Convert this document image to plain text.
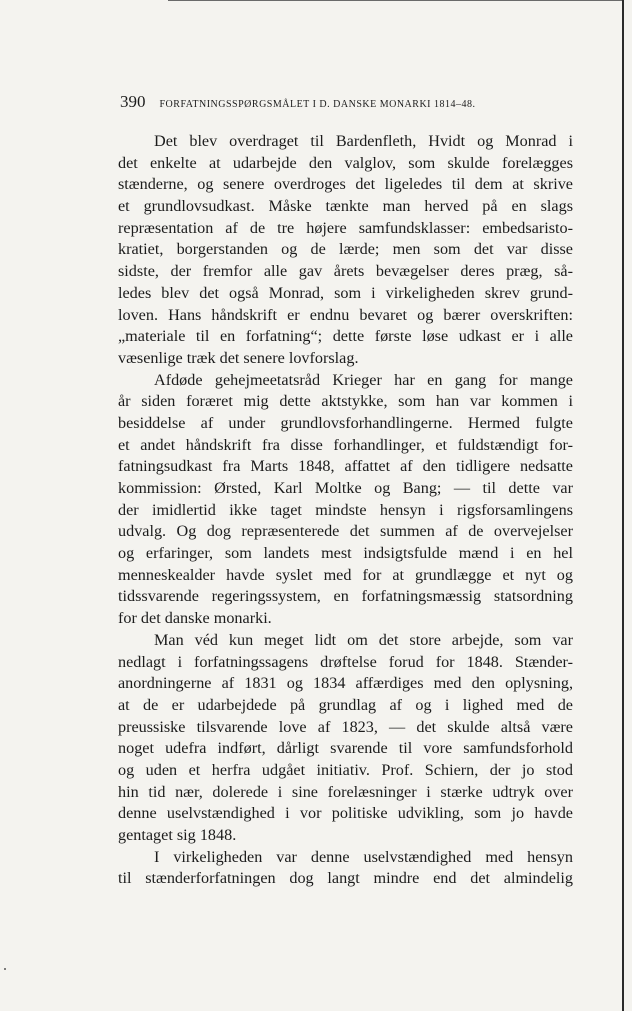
390 FORFATNINGSSPØRGSMÅLET I D. DANSKE MONARKI 1814–48.
Det blev overdraget til Bardenfleth, Hvidt og Monrad i
det enkelte at udarbejde den valglov, som skulde forelægges
stænderne, og senere overdroges det ligeledes til dem at skrive
et grundlovsudkast. Måske tænkte man herved på en slags
repræsentation af de tre højere samfundsklasser: embedsaristo-
kratiet, borgerstanden og de lærde; men som det var disse
sidste, der fremfor alle gav årets bevægelser deres præg, så-
ledes blev det også Monrad, som i virkeligheden skrev grund-
loven. Hans håndskrift er endnu bevaret og bærer overskriften:
„materiale til en forfatning“; dette første løse udkast er i alle
væsenlige træk det senere lovforslag.
Afdøde gehejmeetatsråd Krieger har en gang for mange
år siden foræret mig dette aktstykke, som han var kommen i
besiddelse af under grundlovsforhandlingerne. Hermed fulgte
et andet håndskrift fra disse forhandlinger, et fuldstændigt for-
fatningsudkast fra Marts 1848, affattet af den tidligere nedsatte
kommission: Ørsted, Karl Moltke og Bang; — til dette var
der imidlertid ikke taget mindste hensyn i rigsforsamlingens
udvalg. Og dog repræsenterede det summen af de overvejelser
og erfaringer, som landets mest indsigtsfulde mænd i en hel
menneskealder havde syslet med for at grundlægge et nyt og
tidssvarende regeringssystem, en forfatningsmæssig statsordning
for det danske monarki.
Man véd kun meget lidt om det store arbejde, som var
nedlagt i forfatningssagens drøftelse forud for 1848. Stænder-
anordningerne af 1831 og 1834 affærdiges med den oplysning,
at de er udarbejdede på grundlag af og i lighed med de
preussiske tilsvarende love af 1823, — det skulde altså være
noget udefra indført, dårligt svarende til vore samfundsforhold
og uden et herfra udgået initiativ. Prof. Schiern, der jo stod
hin tid nær, dolerede i sine forelæsninger i stærke udtryk over
denne uselvstændighed i vor politiske udvikling, som jo havde
gentaget sig 1848.
I virkeligheden var denne uselvstændighed med hensyn
til stænderforfatningen dog langt mindre end det almindelig
